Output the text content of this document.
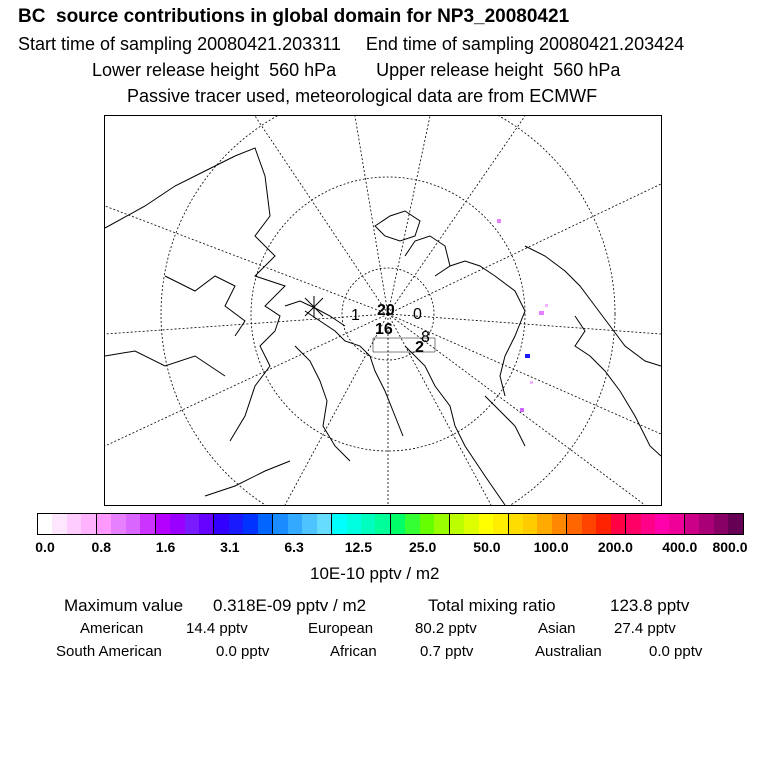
BC  source contributions in global domain for NP3_20080421
Start time of sampling 20080421.203311     End time of sampling 20080421.203424
Lower release height  560 hPa        Upper release height  560 hPa
Passive tracer used, meteorological data are from ECMWF
1 20 0
16 8
2
0.0	0.8	1.6	3.1	6.3	12.5	25.0	50.0 100.0 200.0 400.0 800.0
10E-10 pptv / m2
Maximum value 0.318E-09 pptv / m2	Total mixing ratio	123.8 pptv
American	14.4 pptv	European	80.2 pptv	Asian	27.4 pptv
South American	0.0 pptv	African	0.7 pptv	Australian	0.0 pptv
